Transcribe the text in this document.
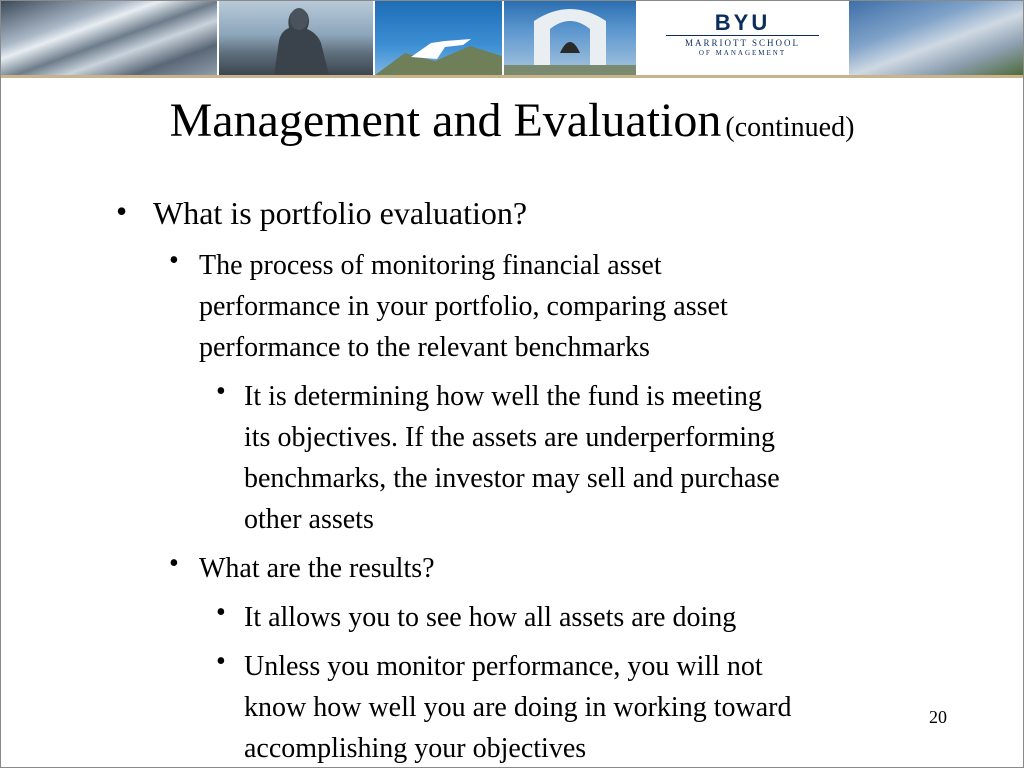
BYU
MARRIOTT SCHOOL
OF MANAGEMENT
Management and Evaluation (continued)
• What is portfolio evaluation?
• The process of monitoring financial asset
performance in your portfolio, comparing asset
performance to the relevant benchmarks
• It is determining how well the fund is meeting
its objectives. If the assets are underperforming
benchmarks, the investor may sell and purchase
other assets
• What are the results?
• It allows you to see how all assets are doing
• Unless you monitor performance, you will not
know how well you are doing in working toward
accomplishing your objectives
20
